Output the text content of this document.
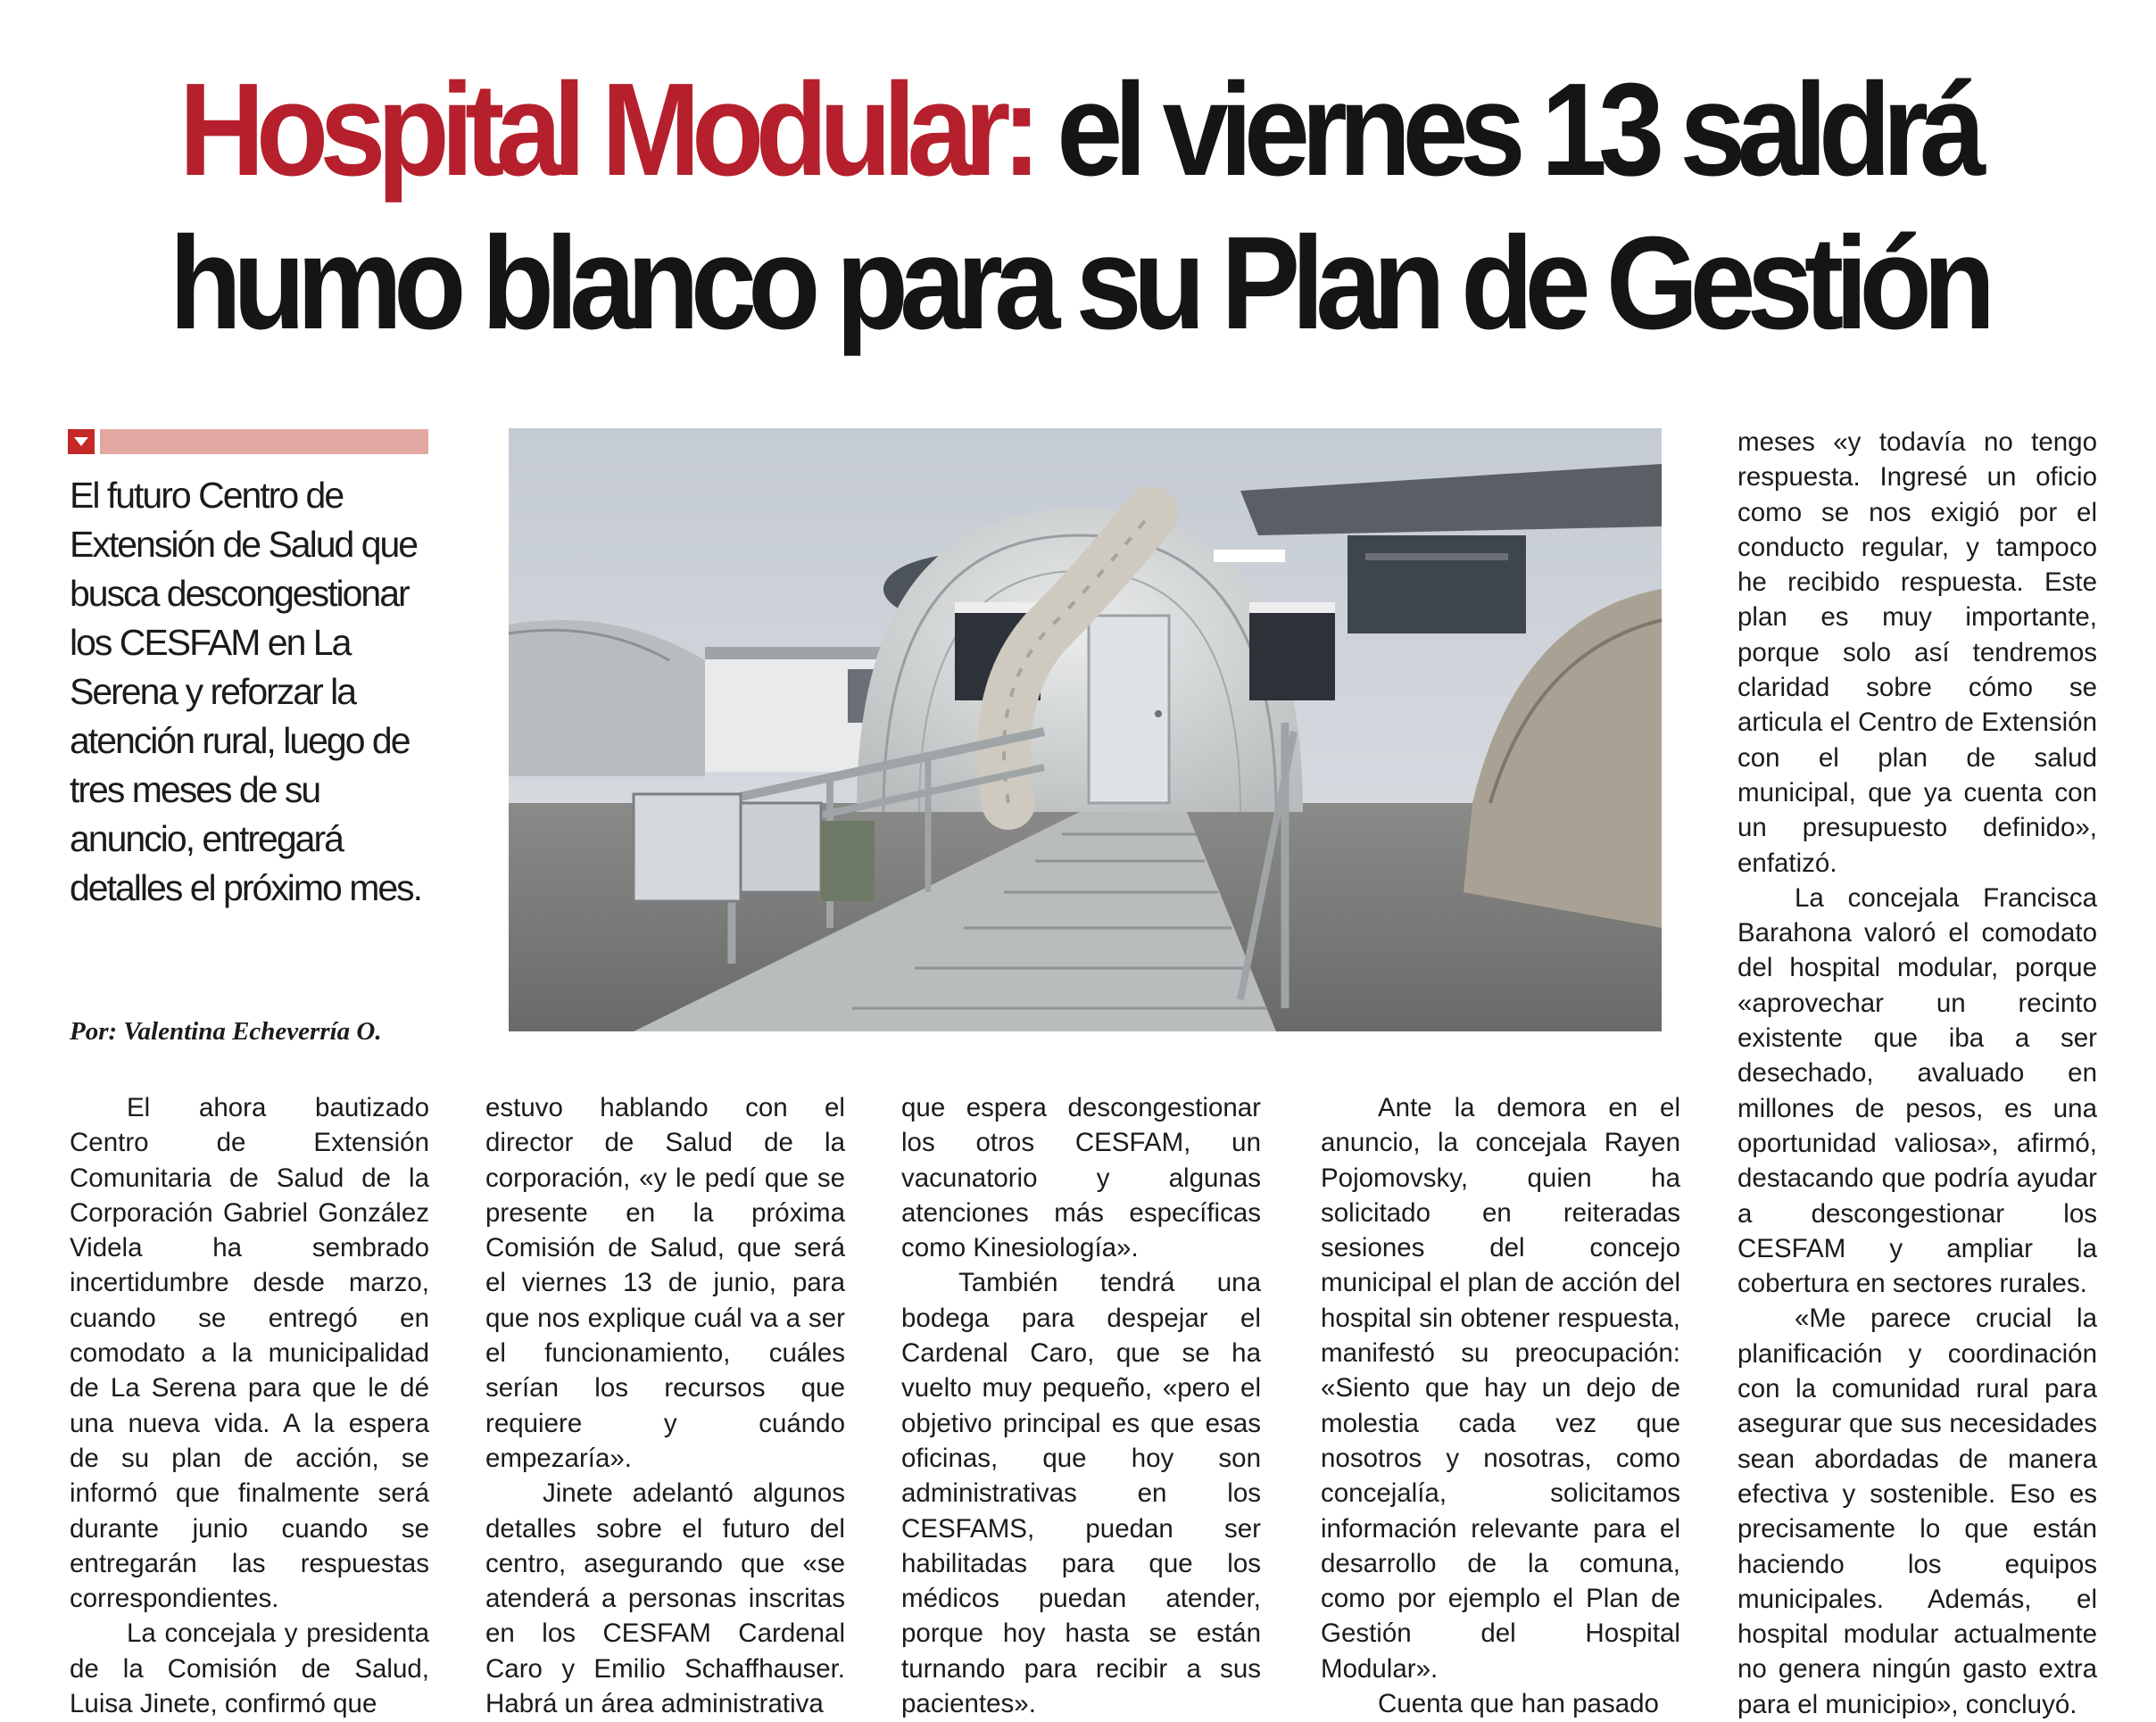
Hospital Modular: el viernes 13 saldrá
humo blanco para su Plan de Gestión

El futuro Centro de Extensión de Salud que busca descongestionar los CESFAM en La Serena y reforzar la atención rural, luego de tres meses de su anuncio, entregará detalles el próximo mes.

Por: Valentina Echeverría O.

El ahora bautizado Centro de Extensión Comunitaria de Salud de la Corporación Gabriel González Videla ha sembrado incertidumbre desde marzo, cuando se entregó en comodato a la municipalidad de La Serena para que le dé una nueva vida. A la espera de su plan de acción, se informó que finalmente será durante junio cuando se entregarán las respuestas correspondientes.

La concejala y presidenta de la Comisión de Salud, Luisa Jinete, confirmó que

estuvo hablando con el director de Salud de la corporación, «y le pedí que se presente en la próxima Comisión de Salud, que será el viernes 13 de junio, para que nos explique cuál va a ser el funcionamiento, cuáles serían los recursos que requiere y cuándo empezaría».

Jinete adelantó algunos detalles sobre el futuro del centro, asegurando que «se atenderá a personas inscritas en los CESFAM Cardenal Caro y Emilio Schaffhauser. Habrá un área administrativa

que espera descongestionar los otros CESFAM, un vacunatorio y algunas atenciones más específicas como Kinesiología».

También tendrá una bodega para despejar el Cardenal Caro, que se ha vuelto muy pequeño, «pero el objetivo principal es que esas oficinas, que hoy son administrativas en los CESFAMS, puedan ser habilitadas para que los médicos puedan atender, porque hoy hasta se están turnando para recibir a sus pacientes».

Ante la demora en el anuncio, la concejala Rayen Pojomovsky, quien ha solicitado en reiteradas sesiones del concejo municipal el plan de acción del hospital sin obtener respuesta, manifestó su preocupación: «Siento que hay un dejo de molestia cada vez que nosotros y nosotras, como concejalía, solicitamos información relevante para el desarrollo de la comuna, como por ejemplo el Plan de Gestión del Hospital Modular».

Cuenta que han pasado

meses «y todavía no tengo respuesta. Ingresé un oficio como se nos exigió por el conducto regular, y tampoco he recibido respuesta. Este plan es muy importante, porque solo así tendremos claridad sobre cómo se articula el Centro de Extensión con el plan de salud municipal, que ya cuenta con un presupuesto definido», enfatizó.

La concejala Francisca Barahona valoró el comodato del hospital modular, porque «aprovechar un recinto existente que iba a ser desechado, avaluado en millones de pesos, es una oportunidad valiosa», afirmó, destacando que podría ayudar a descongestionar los CESFAM y ampliar la cobertura en sectores rurales.

«Me parece crucial la planificación y coordinación con la comunidad rural para asegurar que sus necesidades sean abordadas de manera efectiva y sostenible. Eso es precisamente lo que están haciendo los equipos municipales. Además, el hospital modular actualmente no genera ningún gasto extra para el municipio», concluyó.
